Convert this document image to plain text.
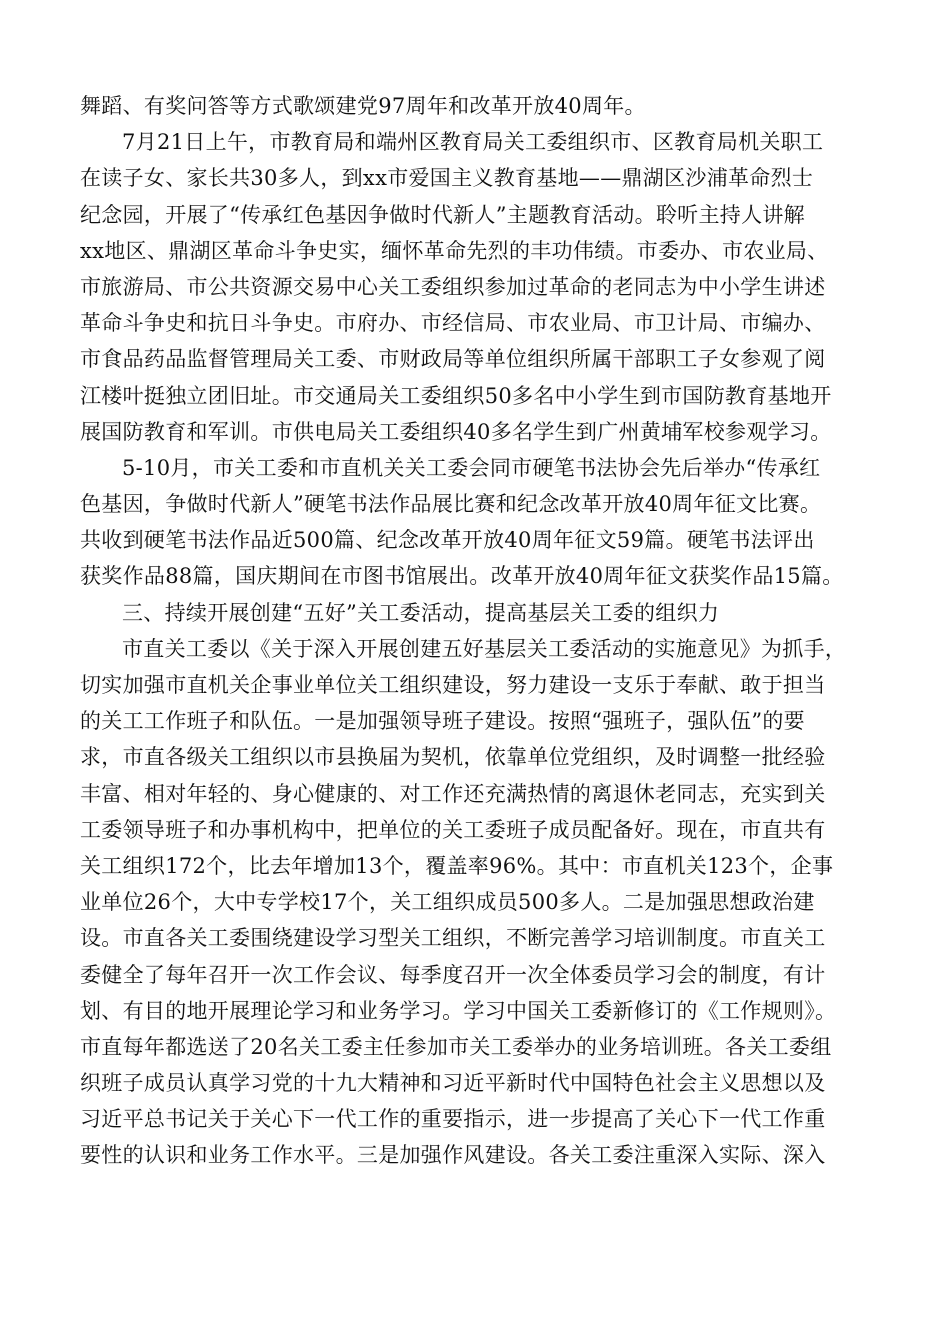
舞蹈、有奖问答等方式歌颂建党97周年和改革开放40周年。
7月21日上午，市教育局和端州区教育局关工委组织市、区教育局机关职工
在读子女、家长共30多人，到xx市爱国主义教育基地——鼎湖区沙浦革命烈士
纪念园，开展了“传承红色基因争做时代新人”主题教育活动。聆听主持人讲解
xx地区、鼎湖区革命斗争史实，缅怀革命先烈的丰功伟绩。市委办、市农业局、
市旅游局、市公共资源交易中心关工委组织参加过革命的老同志为中小学生讲述
革命斗争史和抗日斗争史。市府办、市经信局、市农业局、市卫计局、市编办、
市食品药品监督管理局关工委、市财政局等单位组织所属干部职工子女参观了阅
江楼叶挺独立团旧址。市交通局关工委组织50多名中小学生到市国防教育基地开
展国防教育和军训。市供电局关工委组织40多名学生到广州黄埔军校参观学习。
5-10月，市关工委和市直机关关工委会同市硬笔书法协会先后举办“传承红
色基因，争做时代新人”硬笔书法作品展比赛和纪念改革开放40周年征文比赛。
共收到硬笔书法作品近500篇、纪念改革开放40周年征文59篇。硬笔书法评出
获奖作品88篇，国庆期间在市图书馆展出。改革开放40周年征文获奖作品15篇。
三、持续开展创建“五好”关工委活动，提高基层关工委的组织力
市直关工委以《关于深入开展创建五好基层关工委活动的实施意见》为抓手，
切实加强市直机关企事业单位关工组织建设，努力建设一支乐于奉献、敢于担当
的关工工作班子和队伍。一是加强领导班子建设。按照“强班子，强队伍”的要
求，市直各级关工组织以市县换届为契机，依靠单位党组织，及时调整一批经验
丰富、相对年轻的、身心健康的、对工作还充满热情的离退休老同志，充实到关
工委领导班子和办事机构中，把单位的关工委班子成员配备好。现在，市直共有
关工组织172个，比去年增加13个，覆盖率96%。其中：市直机关123个，企事
业单位26个，大中专学校17个，关工组织成员500多人。二是加强思想政治建
设。市直各关工委围绕建设学习型关工组织，不断完善学习培训制度。市直关工
委健全了每年召开一次工作会议、每季度召开一次全体委员学习会的制度，有计
划、有目的地开展理论学习和业务学习。学习中国关工委新修订的《工作规则》。
市直每年都选送了20名关工委主任参加市关工委举办的业务培训班。各关工委组
织班子成员认真学习党的十九大精神和习近平新时代中国特色社会主义思想以及
习近平总书记关于关心下一代工作的重要指示，进一步提高了关心下一代工作重
要性的认识和业务工作水平。三是加强作风建设。各关工委注重深入实际、深入
